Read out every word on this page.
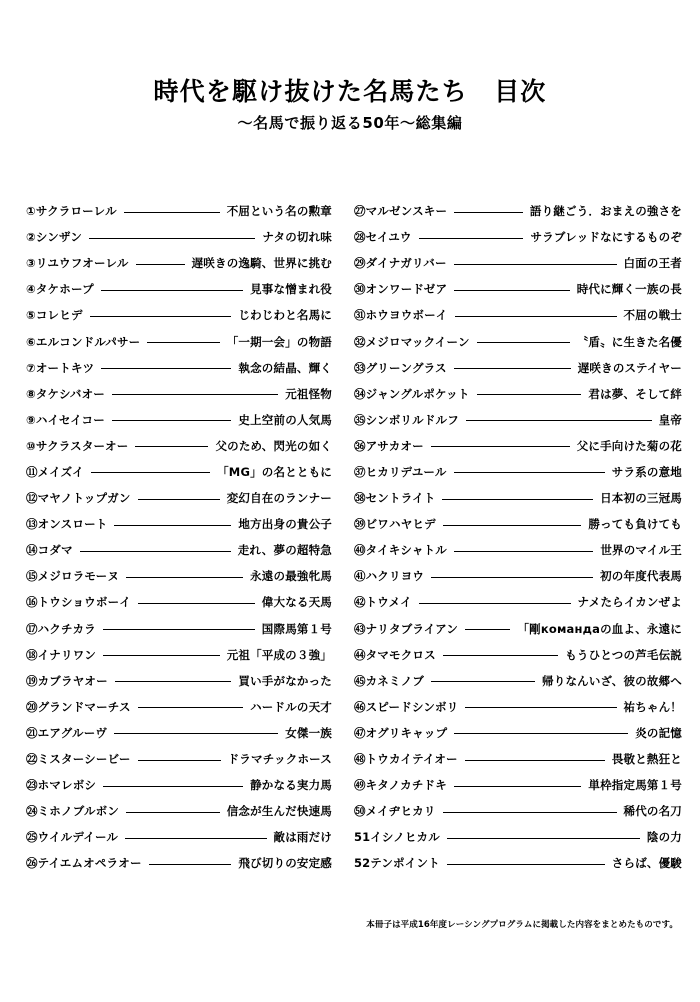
時代を駆け抜けた名馬たち　目次
～名馬で振り返る50年～総集編
① サクラローレル	不屈という名の勲章
② シンザン	ナタの切れ味
③ リユウフオーレル	遅咲きの逸騎、世界に挑む
④ タケホープ	見事な憎まれ役
⑤ コレヒデ	じわじわと名馬に
⑥ エルコンドルパサー	「一期一会」の物語
⑦ オートキツ	執念の結晶、輝く
⑧ タケシバオー	元祖怪物
⑨ ハイセイコー	史上空前の人気馬
⑩ サクラスターオー	父のため、閃光の如く
⑪ メイズイ	「MG」の名とともに
⑫ マヤノトップガン	変幻自在のランナー
⑬ オンスロート	地方出身の貴公子
⑭ コダマ	走れ、夢の超特急
⑮ メジロラモーヌ	永遠の最強牝馬
⑯ トウショウボーイ	偉大なる天馬
⑰ ハクチカラ	国際馬第１号
⑱ イナリワン	元祖「平成の３強」
⑲ カブラヤオー	買い手がなかった
⑳ グランドマーチス	ハードルの天才
㉑ エアグルーヴ	女傑一族
㉒ ミスターシービー	ドラマチックホース
㉓ ホマレボシ	静かなる実力馬
㉔ ミホノブルボン	信念が生んだ快速馬
㉕ ウイルデイール	敵は雨だけ
㉖ テイエムオペラオー	飛び切りの安定感
㉗ マルゼンスキー	語り継ごう．おまえの強さを
㉘ セイユウ	サラブレッドなにするものぞ
㉙ ダイナガリバー	白面の王者
㉚ オンワードゼア	時代に輝く一族の長
㉛ ホウヨウボーイ	不屈の戦士
㉜ メジロマックイーン	〝盾〟に生きた名優
㉝ グリーングラス	遅咲きのステイヤー
㉞ ジャングルポケット	君は夢、そして絆
㉟ シンボリルドルフ	皇帝
㊱ アサカオー	父に手向けた菊の花
㊲ ヒカリデユール	サラ系の意地
㊳ セントライト	日本初の三冠馬
㊴ ビワハヤヒデ	勝っても負けても
㊵ タイキシャトル	世界のマイル王
㊶ ハクリヨウ	初の年度代表馬
㊷ トウメイ	ナメたらイカンぜよ
㊸ ナリタブライアン	「剛командаの血よ、永遠に
㊹ タマモクロス	もうひとつの芦毛伝説
㊺ カネミノブ	帰りなんいざ、彼の故郷へ
㊻ スピードシンボリ	祐ちゃん！
㊼ オグリキャップ	炎の記憶
㊽ トウカイテイオー	畏敬と熱狂と
㊾ キタノカチドキ	単枠指定馬第１号
㊿ メイヂヒカリ	稀代の名刀
51 イシノヒカル	陰の力
52 テンポイント	さらば、優駿
本冊子は平成16年度レーシングプログラムに掲載した内容をまとめたものです。
